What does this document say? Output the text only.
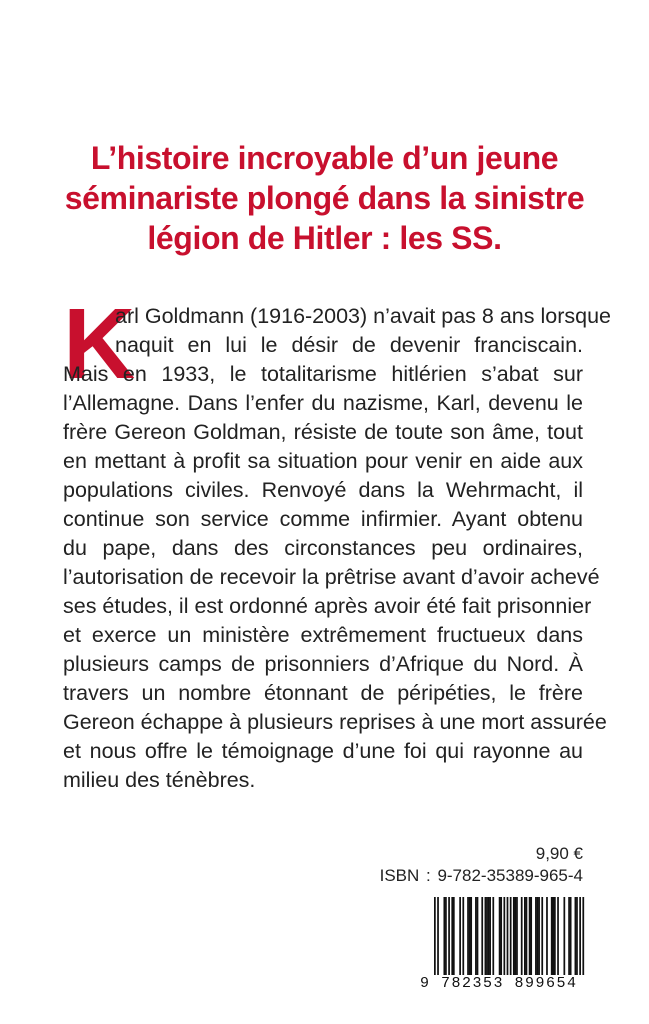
L’histoire incroyable d’un jeune
séminariste plongé dans la sinistre
légion de Hitler : les SS.
K
arl Goldmann (1916-2003) n’avait pas 8 ans lorsque
naquit en lui le désir de devenir franciscain.
Mais en 1933, le totalitarisme hitlérien s’abat sur
l’Allemagne. Dans l’enfer du nazisme, Karl, devenu le
frère Gereon Goldman, résiste de toute son âme, tout
en mettant à profit sa situation pour venir en aide aux
populations civiles. Renvoyé dans la Wehrmacht, il
continue son service comme infirmier. Ayant obtenu
du pape, dans des circonstances peu ordinaires,
l’autorisation de recevoir la prêtrise avant d’avoir achevé
ses études, il est ordonné après avoir été fait prisonnier
et exerce un ministère extrêmement fructueux dans
plusieurs camps de prisonniers d’Afrique du Nord. À
travers un nombre étonnant de péripéties, le frère
Gereon échappe à plusieurs reprises à une mort assurée
et nous offre le témoignage d’une foi qui rayonne au
milieu des ténèbres.
9,90 €
ISBN : 9-782-35389-965-4
9 782353 899654
